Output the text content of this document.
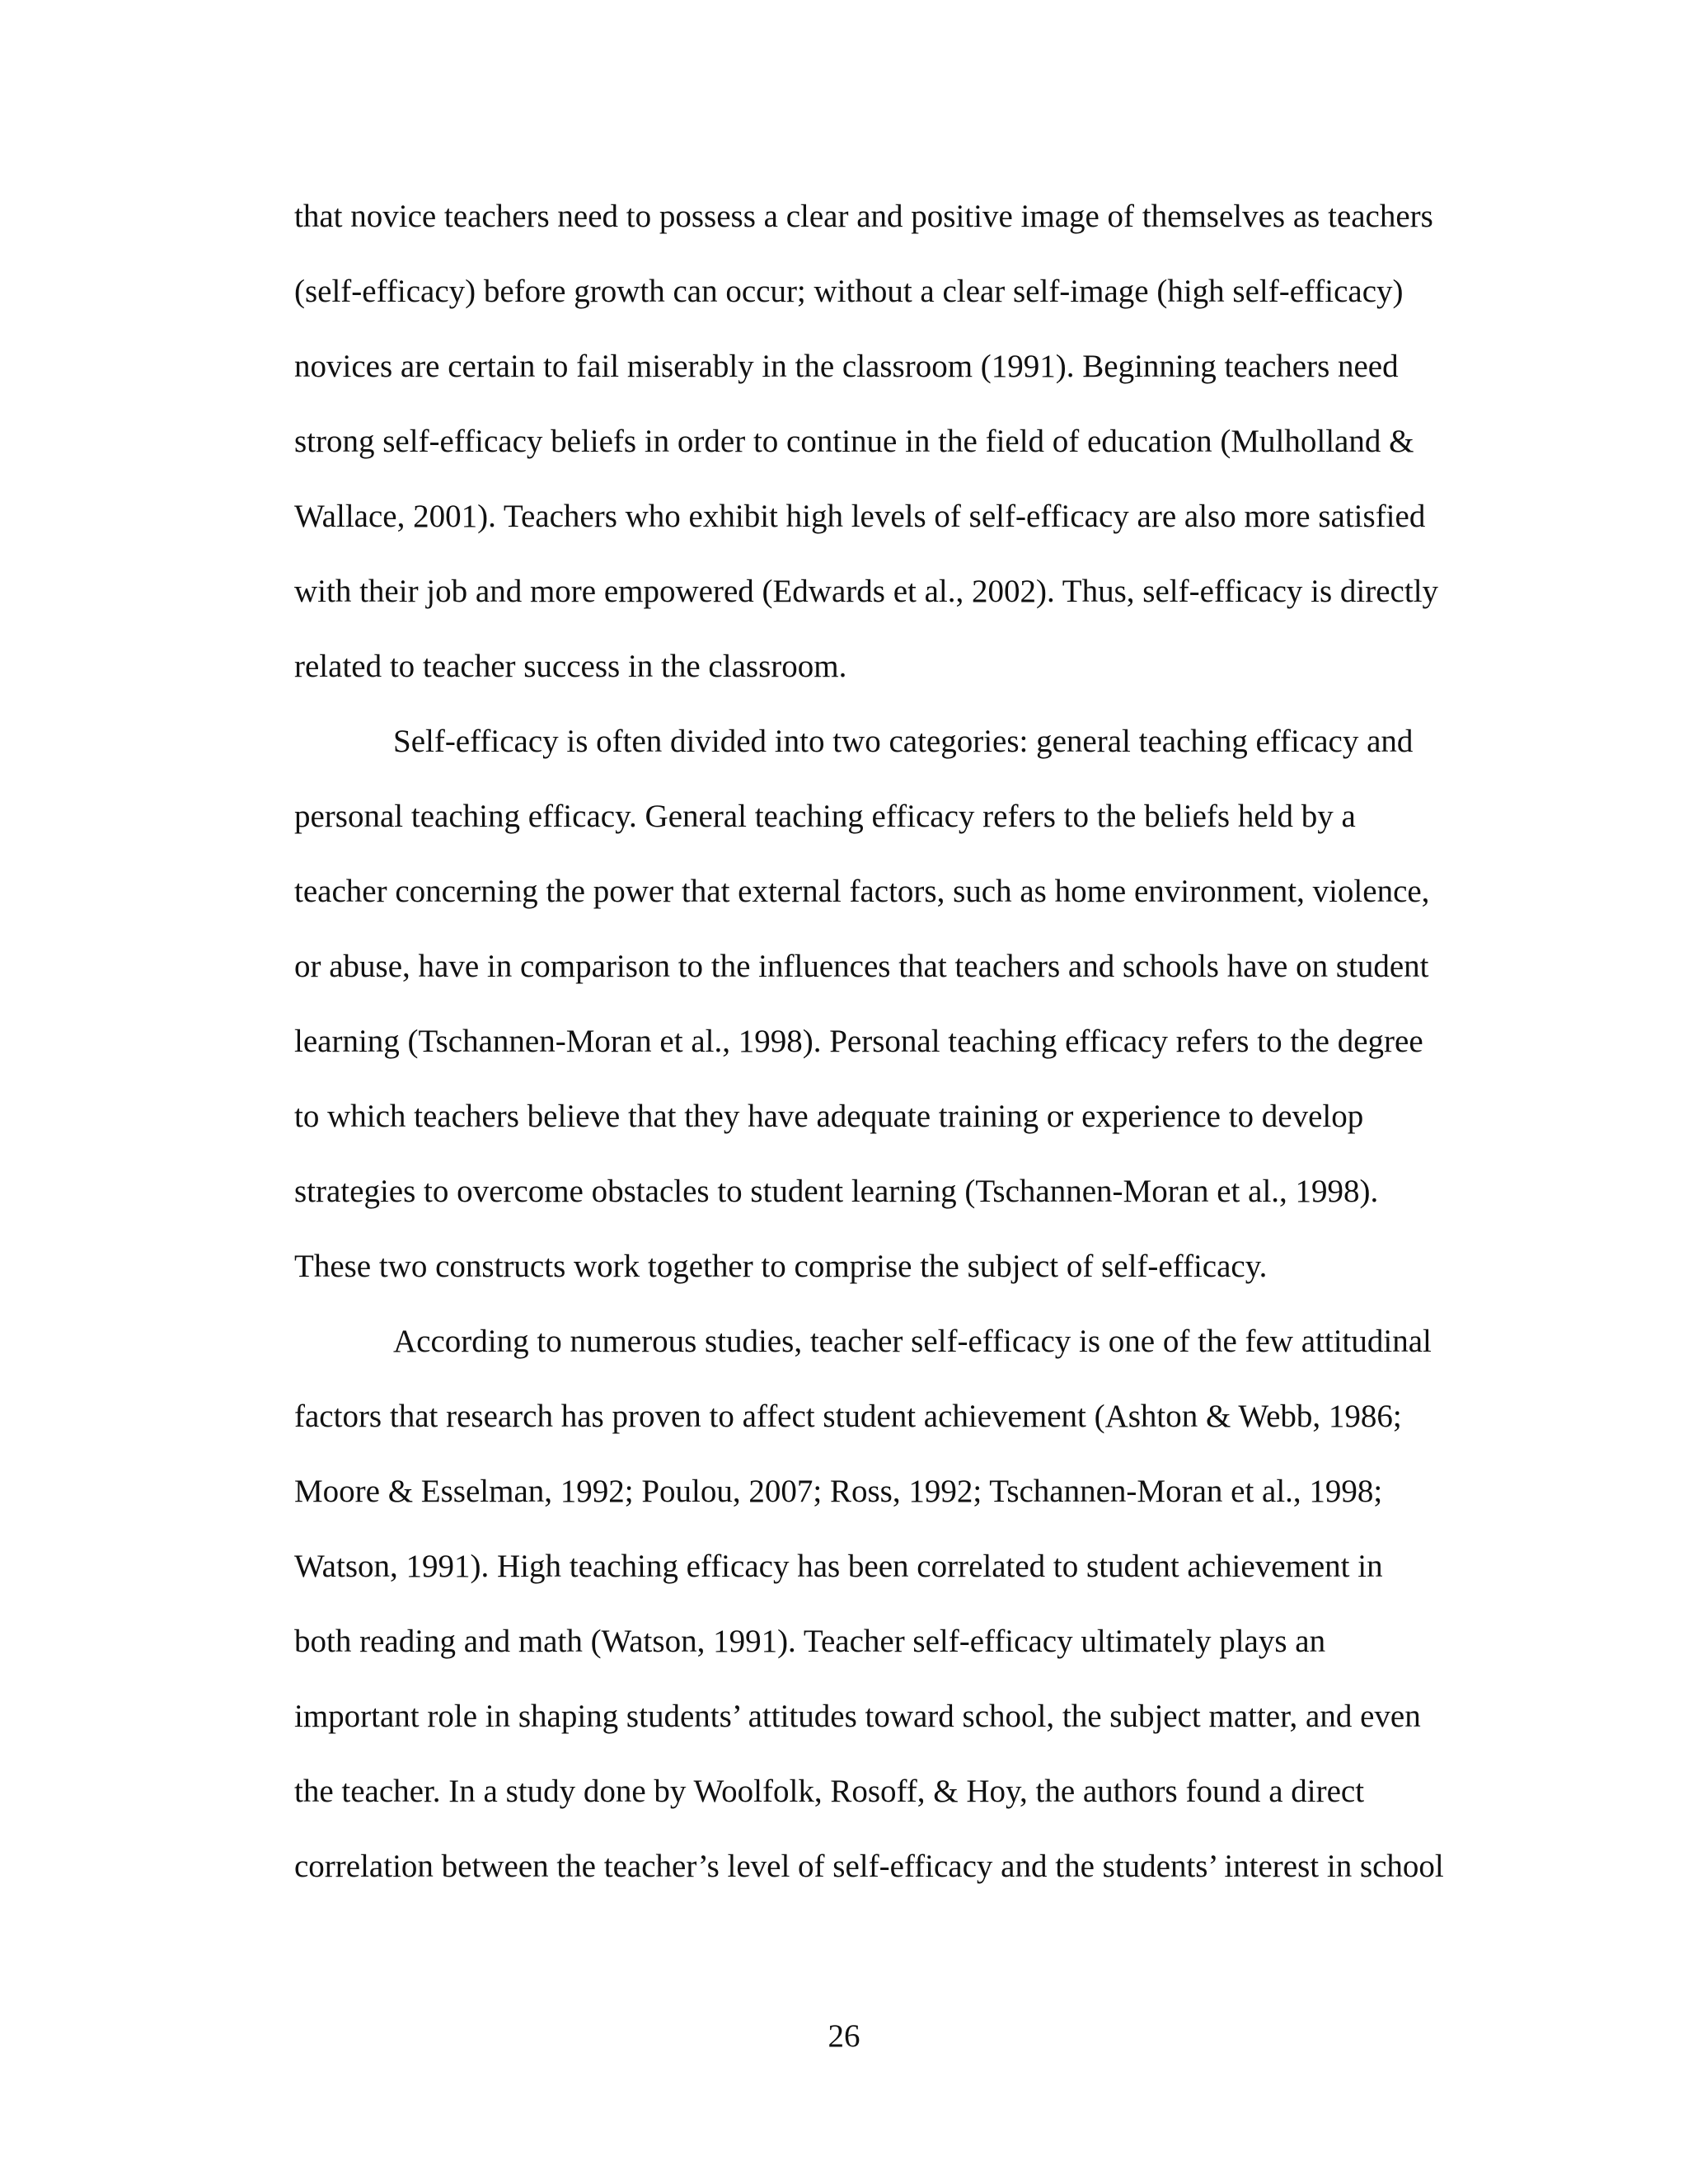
that novice teachers need to possess a clear and positive image of themselves as teachers

(self-efficacy) before growth can occur; without a clear self-image (high self-efficacy)

novices are certain to fail miserably in the classroom (1991). Beginning teachers need

strong self-efficacy beliefs in order to continue in the field of education (Mulholland &

Wallace, 2001). Teachers who exhibit high levels of self-efficacy are also more satisfied

with their job and more empowered (Edwards et al., 2002). Thus, self-efficacy is directly

related to teacher success in the classroom.

Self-efficacy is often divided into two categories: general teaching efficacy and

personal teaching efficacy. General teaching efficacy refers to the beliefs held by a

teacher concerning the power that external factors, such as home environment, violence,

or abuse, have in comparison to the influences that teachers and schools have on student

learning (Tschannen-Moran et al., 1998). Personal teaching efficacy refers to the degree

to which teachers believe that they have adequate training or experience to develop

strategies to overcome obstacles to student learning (Tschannen-Moran et al., 1998).

These two constructs work together to comprise the subject of self-efficacy.

According to numerous studies, teacher self-efficacy is one of the few attitudinal

factors that research has proven to affect student achievement (Ashton & Webb, 1986;

Moore & Esselman, 1992; Poulou, 2007; Ross, 1992; Tschannen-Moran et al., 1998;

Watson, 1991). High teaching efficacy has been correlated to student achievement in

both reading and math (Watson, 1991). Teacher self-efficacy ultimately plays an

important role in shaping students’ attitudes toward school, the subject matter, and even

the teacher. In a study done by Woolfolk, Rosoff, & Hoy, the authors found a direct

correlation between the teacher’s level of self-efficacy and the students’ interest in school

26
